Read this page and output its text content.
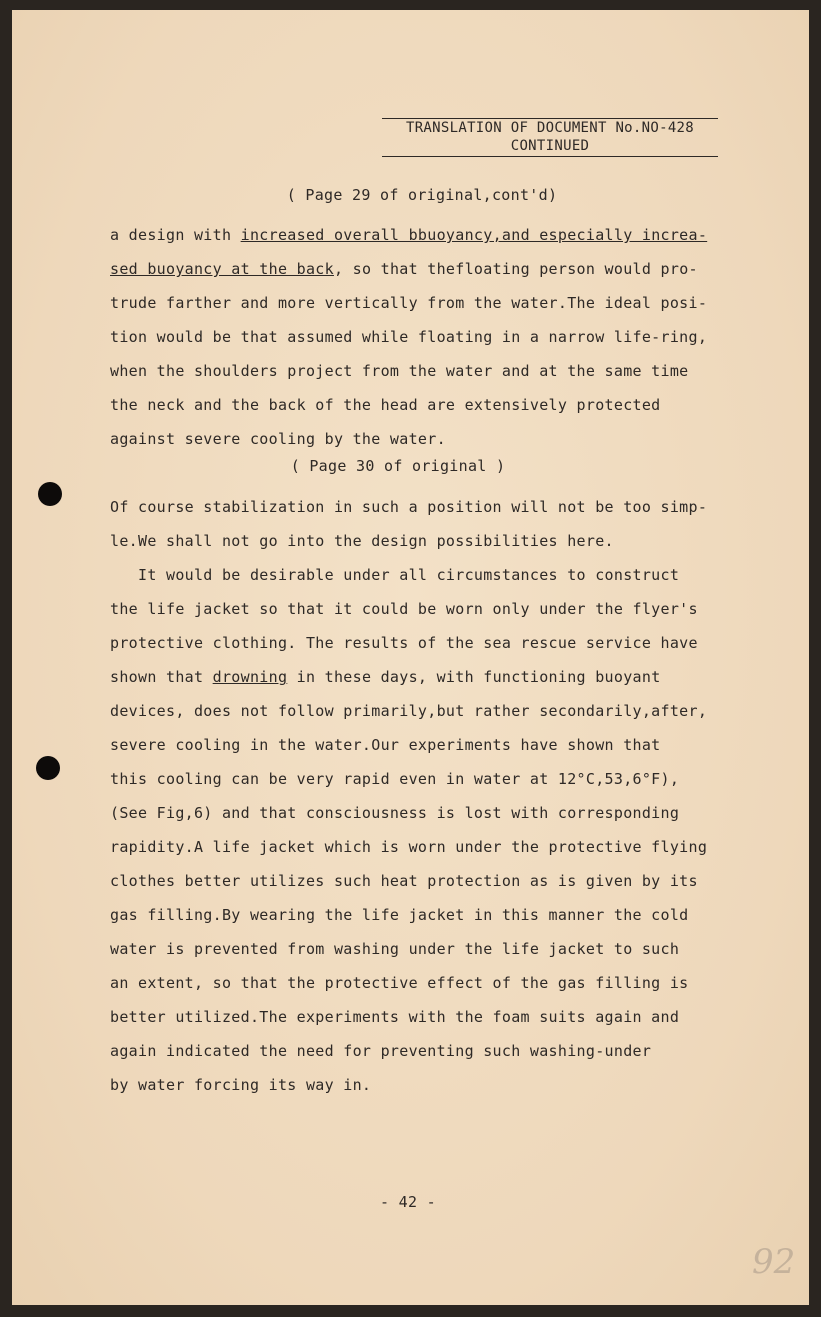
TRANSLATION OF DOCUMENT No.NO-428
CONTINUED
( Page 29 of original,cont'd)

a design with increased overall bbuoyancy,and especially increa-
sed buoyancy at the back, so that thefloating person would pro-
trude farther and more vertically from the water.The ideal posi-
tion would be that assumed while floating in a narrow life-ring,
when the shoulders project from the water and at the same time
the neck and the back of the head are extensively protected
against severe cooling by the water.

( Page 30 of original )

Of course stabilization in such a position will not be too simp-
le.We shall not go into the design possibilities here.

It would be desirable under all circumstances to construct
the life jacket so that it could be worn only under the flyer's
protective clothing. The results of the sea rescue service have
shown that drowning in these days, with functioning buoyant
devices, does not follow primarily,but rather secondarily,after,
severe cooling in the water.Our experiments have shown that
this cooling can be very rapid even in water at 12°C,53,6°F),
(See Fig,6) and that consciousness is lost with corresponding
rapidity.A life jacket which is worn under the protective flying
clothes better utilizes such heat protection as is given by its
gas filling.By wearing the life jacket in this manner the cold
water is prevented from washing under the life jacket to such
an extent, so that the protective effect of the gas filling is
better utilized.The experiments with the foam suits again and
again indicated the need for preventing such washing-under
by water forcing its way in.

- 42 -
92
